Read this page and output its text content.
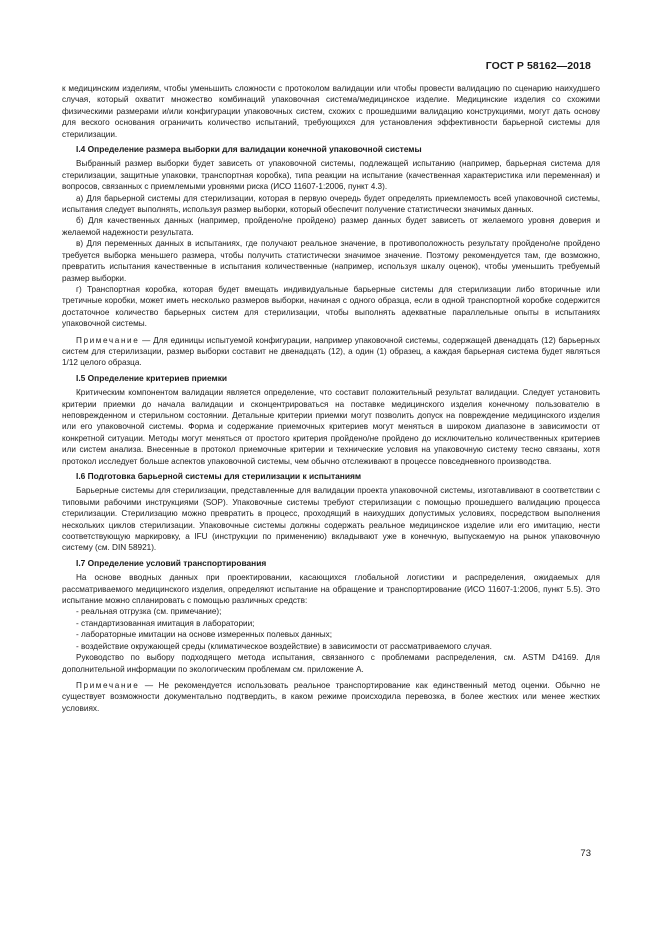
ГОСТ Р 58162—2018

к медицинским изделиям, чтобы уменьшить сложности с протоколом валидации или чтобы провести валидацию по сценарию наихудшего случая, который охватит множество комбинаций упаковочная система/медицинское изделие. Медицинские изделия со схожими физическими размерами и/или конфигурации упаковочных систем, схожих с прошедшими валидацию конструкциями, могут дать основу для веского основания ограничить количество испытаний, требующихся для установления эффективности барьерной системы для стерилизации.

I.4 Определение размера выборки для валидации конечной упаковочной системы

Выбранный размер выборки будет зависеть от упаковочной системы, подлежащей испытанию (например, барьерная система для стерилизации, защитные упаковки, транспортная коробка), типа реакции на испытание (качественная характеристика или переменная) и вопросов, связанных с приемлемыми уровнями риска (ИСО 11607-1:2006, пункт 4.3).

а) Для барьерной системы для стерилизации, которая в первую очередь будет определять приемлемость всей упаковочной системы, испытания следует выполнять, используя размер выборки, который обеспечит получение статистически значимых данных.

б) Для качественных данных (например, пройдено/не пройдено) размер данных будет зависеть от желаемого уровня доверия и желаемой надежности результата.

в) Для переменных данных в испытаниях, где получают реальное значение, в противоположность результату пройдено/не пройдено требуется выборка меньшего размера, чтобы получить статистически значимое значение. Поэтому рекомендуется там, где возможно, превратить испытания качественные в испытания количественные (например, используя шкалу оценок), чтобы уменьшить требуемый размер выборки.

г) Транспортная коробка, которая будет вмещать индивидуальные барьерные системы для стерилизации либо вторичные или третичные коробки, может иметь несколько размеров выборки, начиная с одного образца, если в одной транспортной коробке содержится достаточное количество барьерных систем для стерилизации, чтобы выполнять адекватные параллельные опыты в испытаниях упаковочной системы.

Примечание — Для единицы испытуемой конфигурации, например упаковочной системы, содержащей двенадцать (12) барьерных систем для стерилизации, размер выборки составит не двенадцать (12), а один (1) образец, а каждая барьерная система будет являться 1/12 целого образца.

I.5 Определение критериев приемки

Критическим компонентом валидации является определение, что составит положительный результат валидации. Следует установить критерии приемки до начала валидации и сконцентрироваться на поставке медицинского изделия конечному пользователю в неповрежденном и стерильном состоянии. Детальные критерии приемки могут позволить допуск на повреждение медицинского изделия или его упаковочной системы. Форма и содержание приемочных критериев могут меняться в широком диапазоне в зависимости от конкретной ситуации. Методы могут меняться от простого критерия пройдено/не пройдено до исключительно количественных критериев или систем анализа. Внесенные в протокол приемочные критерии и технические условия на упаковочную систему тесно связаны, хотя протокол исследует больше аспектов упаковочной системы, чем обычно отслеживают в процессе повседневного производства.

I.6 Подготовка барьерной системы для стерилизации к испытаниям

Барьерные системы для стерилизации, представленные для валидации проекта упаковочной системы, изготавливают в соответствии с типовыми рабочими инструкциями (SOP). Упаковочные системы требуют стерилизации с помощью прошедшего валидацию процесса стерилизации. Стерилизацию можно превратить в процесс, проходящий в наихудших допустимых условиях, посредством выполнения нескольких циклов стерилизации. Упаковочные системы должны содержать реальное медицинское изделие или его имитацию, нести соответствующую маркировку, а IFU (инструкции по применению) вкладывают уже в конечную, выпускаемую на рынок упаковочную систему (см. DIN 58921).

I.7 Определение условий транспортирования

На основе вводных данных при проектировании, касающихся глобальной логистики и распределения, ожидаемых для рассматриваемого медицинского изделия, определяют испытание на обращение и транспортирование (ИСО 11607-1:2006, пункт 5.5). Это испытание можно спланировать с помощью различных средств:

- реальная отгрузка (см. примечание);
- стандартизованная имитация в лаборатории;
- лабораторные имитации на основе измеренных полевых данных;
- воздействие окружающей среды (климатическое воздействие) в зависимости от рассматриваемого случая.

Руководство по выбору подходящего метода испытания, связанного с проблемами распределения, см. ASTM D4169. Для дополнительной информации по экологическим проблемам см. приложение А.

Примечание — Не рекомендуется использовать реальное транспортирование как единственный метод оценки. Обычно не существует возможности документально подтвердить, в каком режиме происходила перевозка, в более жестких или менее жестких условиях.

73
